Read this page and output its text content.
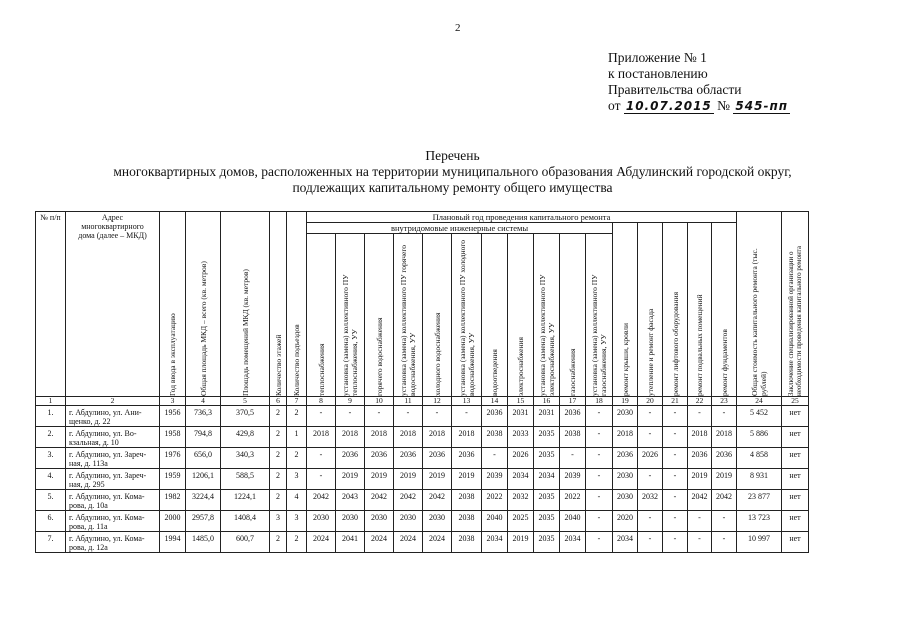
2
Приложение № 1
к постановлению
Правительства области
от 10.07.2015 № 545-пп
Перечень
многоквартирных домов, расположенных на территории муниципального образования Абдулинский городской округ,
подлежащих капитальному ремонту общего имущества
№ п/п	Адрес многоквартирного дома (далее – МКД)	Год ввода в эксплуатацию	Общая площадь МКД – всего (кв. метров)	Площадь помещений МКД (кв. метров)	Количество этажей	Количество подъездов	Плановый год проведения капитального ремонта																Общая стоимость капитального ремонта (тыс. рублей)	Заключение специализированной организации о необходимости проведения капитального ремонта

							внутридомовые инженерные системы											ремонт крыши, кровли	утепление и ремонт фасада	ремонт лифтового оборудования	ремонт подвальных помещений	ремонт фундаментов		

							теплоснабжения	установка (замена) коллективного ПУ теплоснабжения, УУ	горячего водоснабжения	установка (замена) коллективного ПУ горячего водоснабжения, УУ	холодного водоснабжения	установка (замена) коллективного ПУ холодного водоснабжения, УУ	водоотведения	электроснабжения	установка (замена) коллективного ПУ электроснабжения, УУ	газоснабжения	установка (замена) коллективного ПУ газоснабжения, УУ							

1	2	3	4	5	6	7	8	9	10	11	12	13	14	15	16	17	18	19	20	21	22	23	24	25
1.	г. Абдулино, ул. Ани-щенко, д. 22	1956	736,3	370,5	2	2	-	-	-	-	-	-	2036	2031	2031	2036	-	2030	-	-	-	-	5 452	нет
2.	г. Абдулино, ул. Во-кзальная, д. 10	1958	794,8	429,8	2	1	2018	2018	2018	2018	2018	2018	2038	2033	2035	2038	-	2018	-	-	2018	2018	5 886	нет
3.	г. Абдулино, ул. Зареч-ная, д. 113а	1976	656,0	340,3	2	2	-	2036	2036	2036	2036	2036	-	2026	2035	-	-	2036	2026	-	2036	2036	4 858	нет
4.	г. Абдулино, ул. Зареч-ная, д. 295	1959	1206,1	588,5	2	3	-	2019	2019	2019	2019	2019	2039	2034	2034	2039	-	2030	-	-	2019	2019	8 931	нет
5.	г. Абдулино, ул. Кома-рова, д. 10а	1982	3224,4	1224,1	2	4	2042	2043	2042	2042	2042	2038	2022	2032	2035	2022	-	2030	2032	-	2042	2042	23 877	нет
6.	г. Абдулино, ул. Кома-рова, д. 11а	2000	2957,8	1408,4	3	3	2030	2030	2030	2030	2030	2038	2040	2025	2035	2040	-	2020	-	-	-	-	13 723	нет
7.	г. Абдулино, ул. Кома-рова, д. 12а	1994	1485,0	600,7	2	2	2024	2041	2024	2024	2024	2038	2034	2019	2035	2034	-	2034	-	-	-	-	10 997	нет
